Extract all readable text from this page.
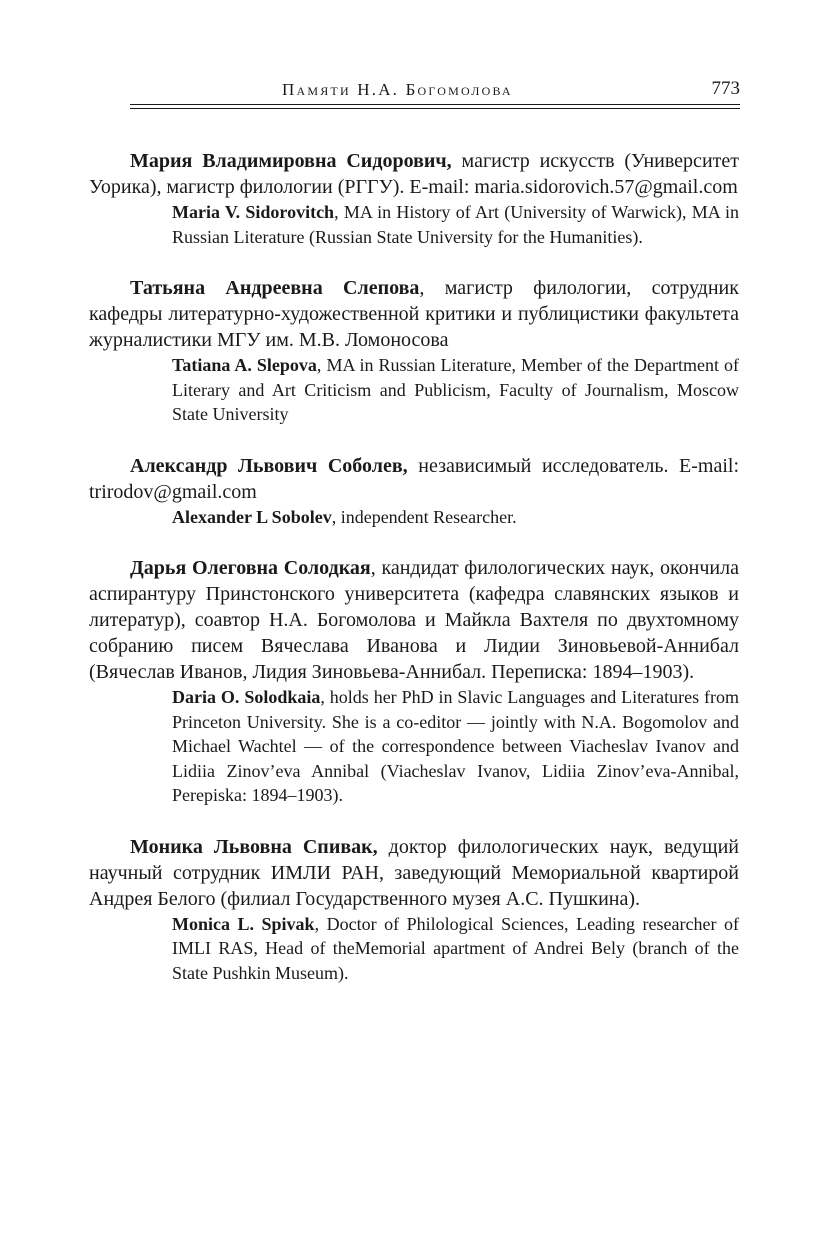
Памяти Н.А. Богомолова	773

Мария Владимировна Сидорович, магистр искусств (Университет Уорика), магистр филологии (РГГУ). E-mail: maria.sidorovich.57@gmail.com

Maria V. Sidorovitch, MA in History of Art (University of Warwick), MA in Russian Literature (Russian State University for the Humanities).

Татьяна Андреевна Слепова, магистр филологии, сотрудник кафедры литературно-художественной критики и публицистики факультета журналистики МГУ им. М.В. Ломоносова

Tatiana A. Slepova, MA in Russian Literature, Member of the Department of Literary and Art Criticism and Publicism, Faculty of Journalism, Moscow State University

Александр Львович Соболев, независимый исследователь. E-mail: trirodov@gmail.com

Alexander L Sobolev, independent Researcher.

Дарья Олеговна Солодкая, кандидат филологических наук, окончила аспирантуру Принстонского университета (кафедра славянских языков и литератур), соавтор Н.А. Богомолова и Майкла Вахтеля по двухтомному собранию писем Вячеслава Иванова и Лидии Зиновьевой-Аннибал (Вячеслав Иванов, Лидия Зиновьева-Аннибал. Переписка: 1894–1903).

Daria O. Solodkaia, holds her PhD in Slavic Languages and Literatures from Princeton University. She is a co-editor — jointly with N.A. Bogomolov and Michael Wachtel — of the correspondence between Viacheslav Ivanov and Lidiia Zinov’eva Annibal (Viacheslav Ivanov, Lidiia Zinov’eva-Annibal, Perepiska: 1894–1903).

Моника Львовна Спивак, доктор филологических наук, ведущий научный сотрудник ИМЛИ РАН, заведующий Мемориальной квартирой Андрея Белого (филиал Государственного музея А.С. Пушкина).

Monica L. Spivak, Doctor of Philological Sciences, Leading researcher of IMLI RAS, Head of theMemorial apartment of Andrei Bely (branch of the State Pushkin Museum).
